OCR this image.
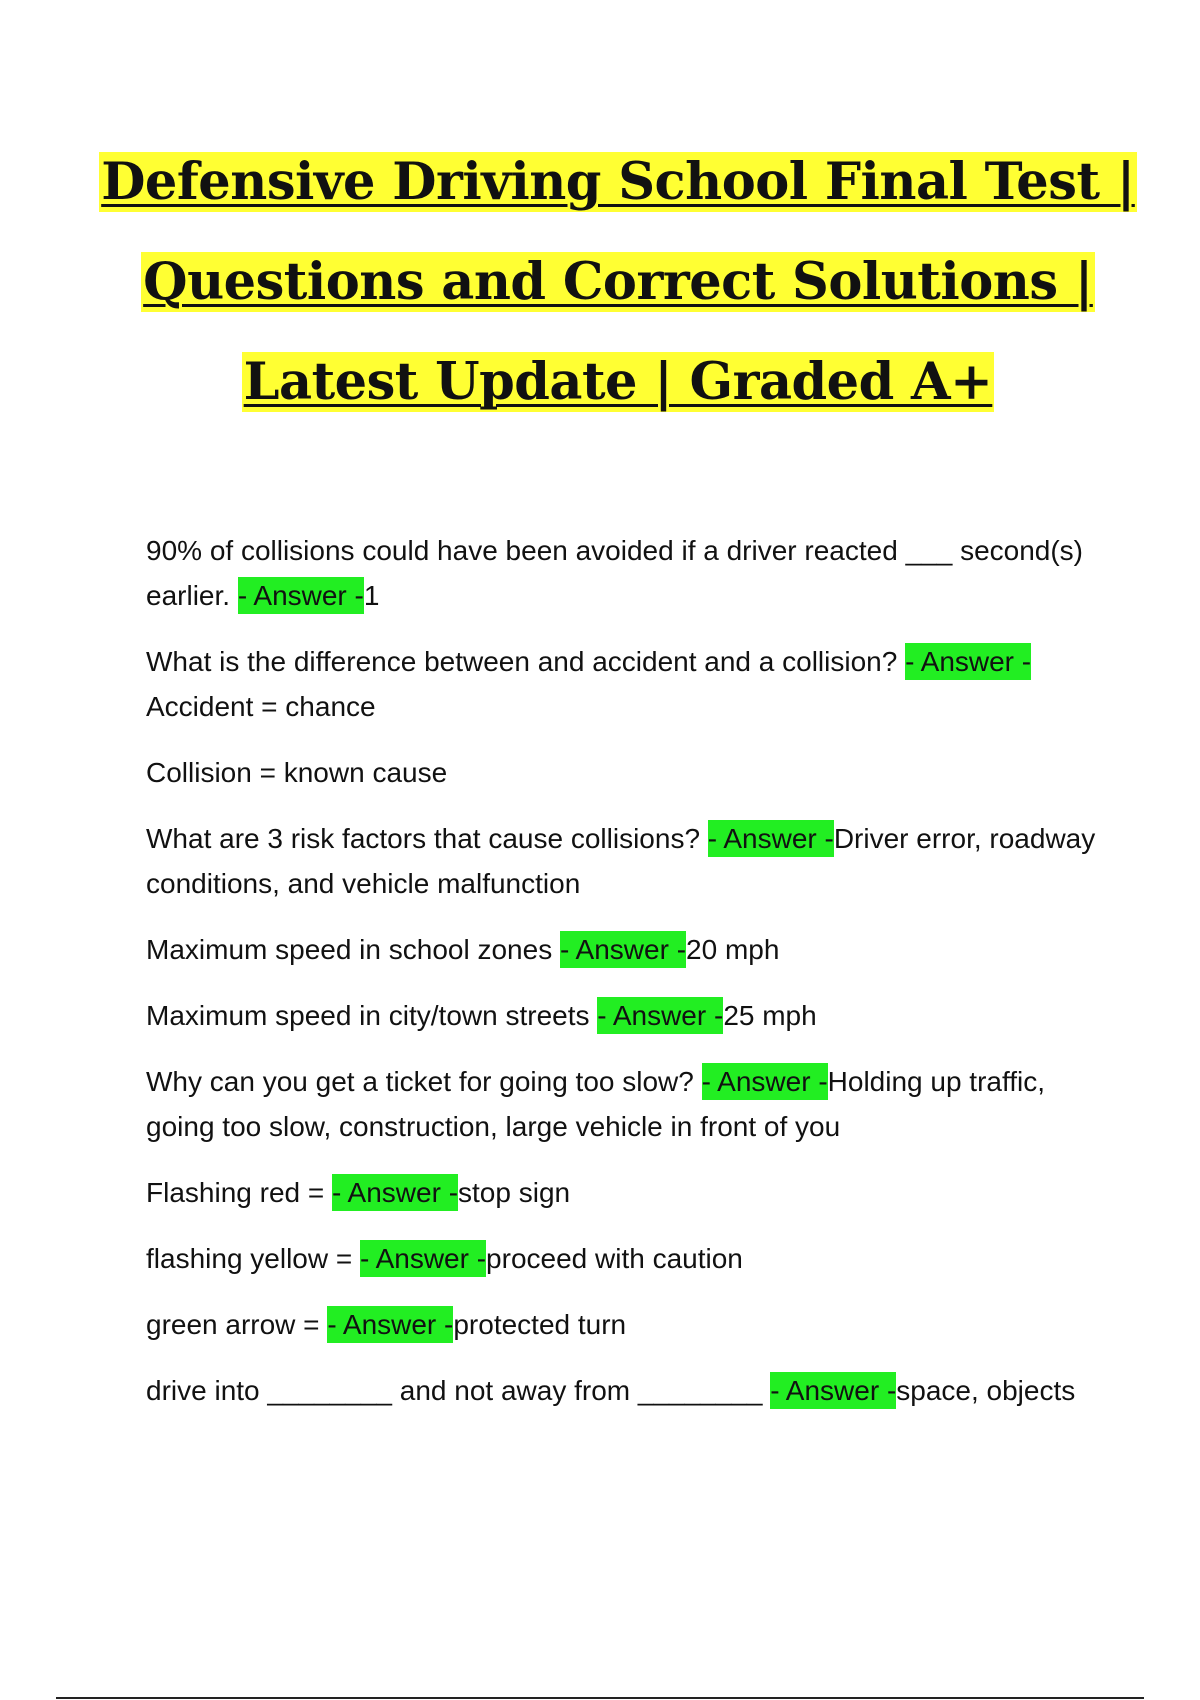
Defensive Driving School Final Test |
Questions and Correct Solutions |
Latest Update | Graded A+

90% of collisions could have been avoided if a driver reacted ___ second(s) earlier. - Answer -1

What is the difference between and accident and a collision? - Answer -Accident = chance

Collision = known cause

What are 3 risk factors that cause collisions? - Answer -Driver error, roadway conditions, and vehicle malfunction

Maximum speed in school zones - Answer -20 mph

Maximum speed in city/town streets - Answer -25 mph

Why can you get a ticket for going too slow? - Answer -Holding up traffic, going too slow, construction, large vehicle in front of you

Flashing red = - Answer -stop sign

flashing yellow = - Answer -proceed with caution

green arrow = - Answer -protected turn

drive into ________ and not away from ________ - Answer -space, objects
